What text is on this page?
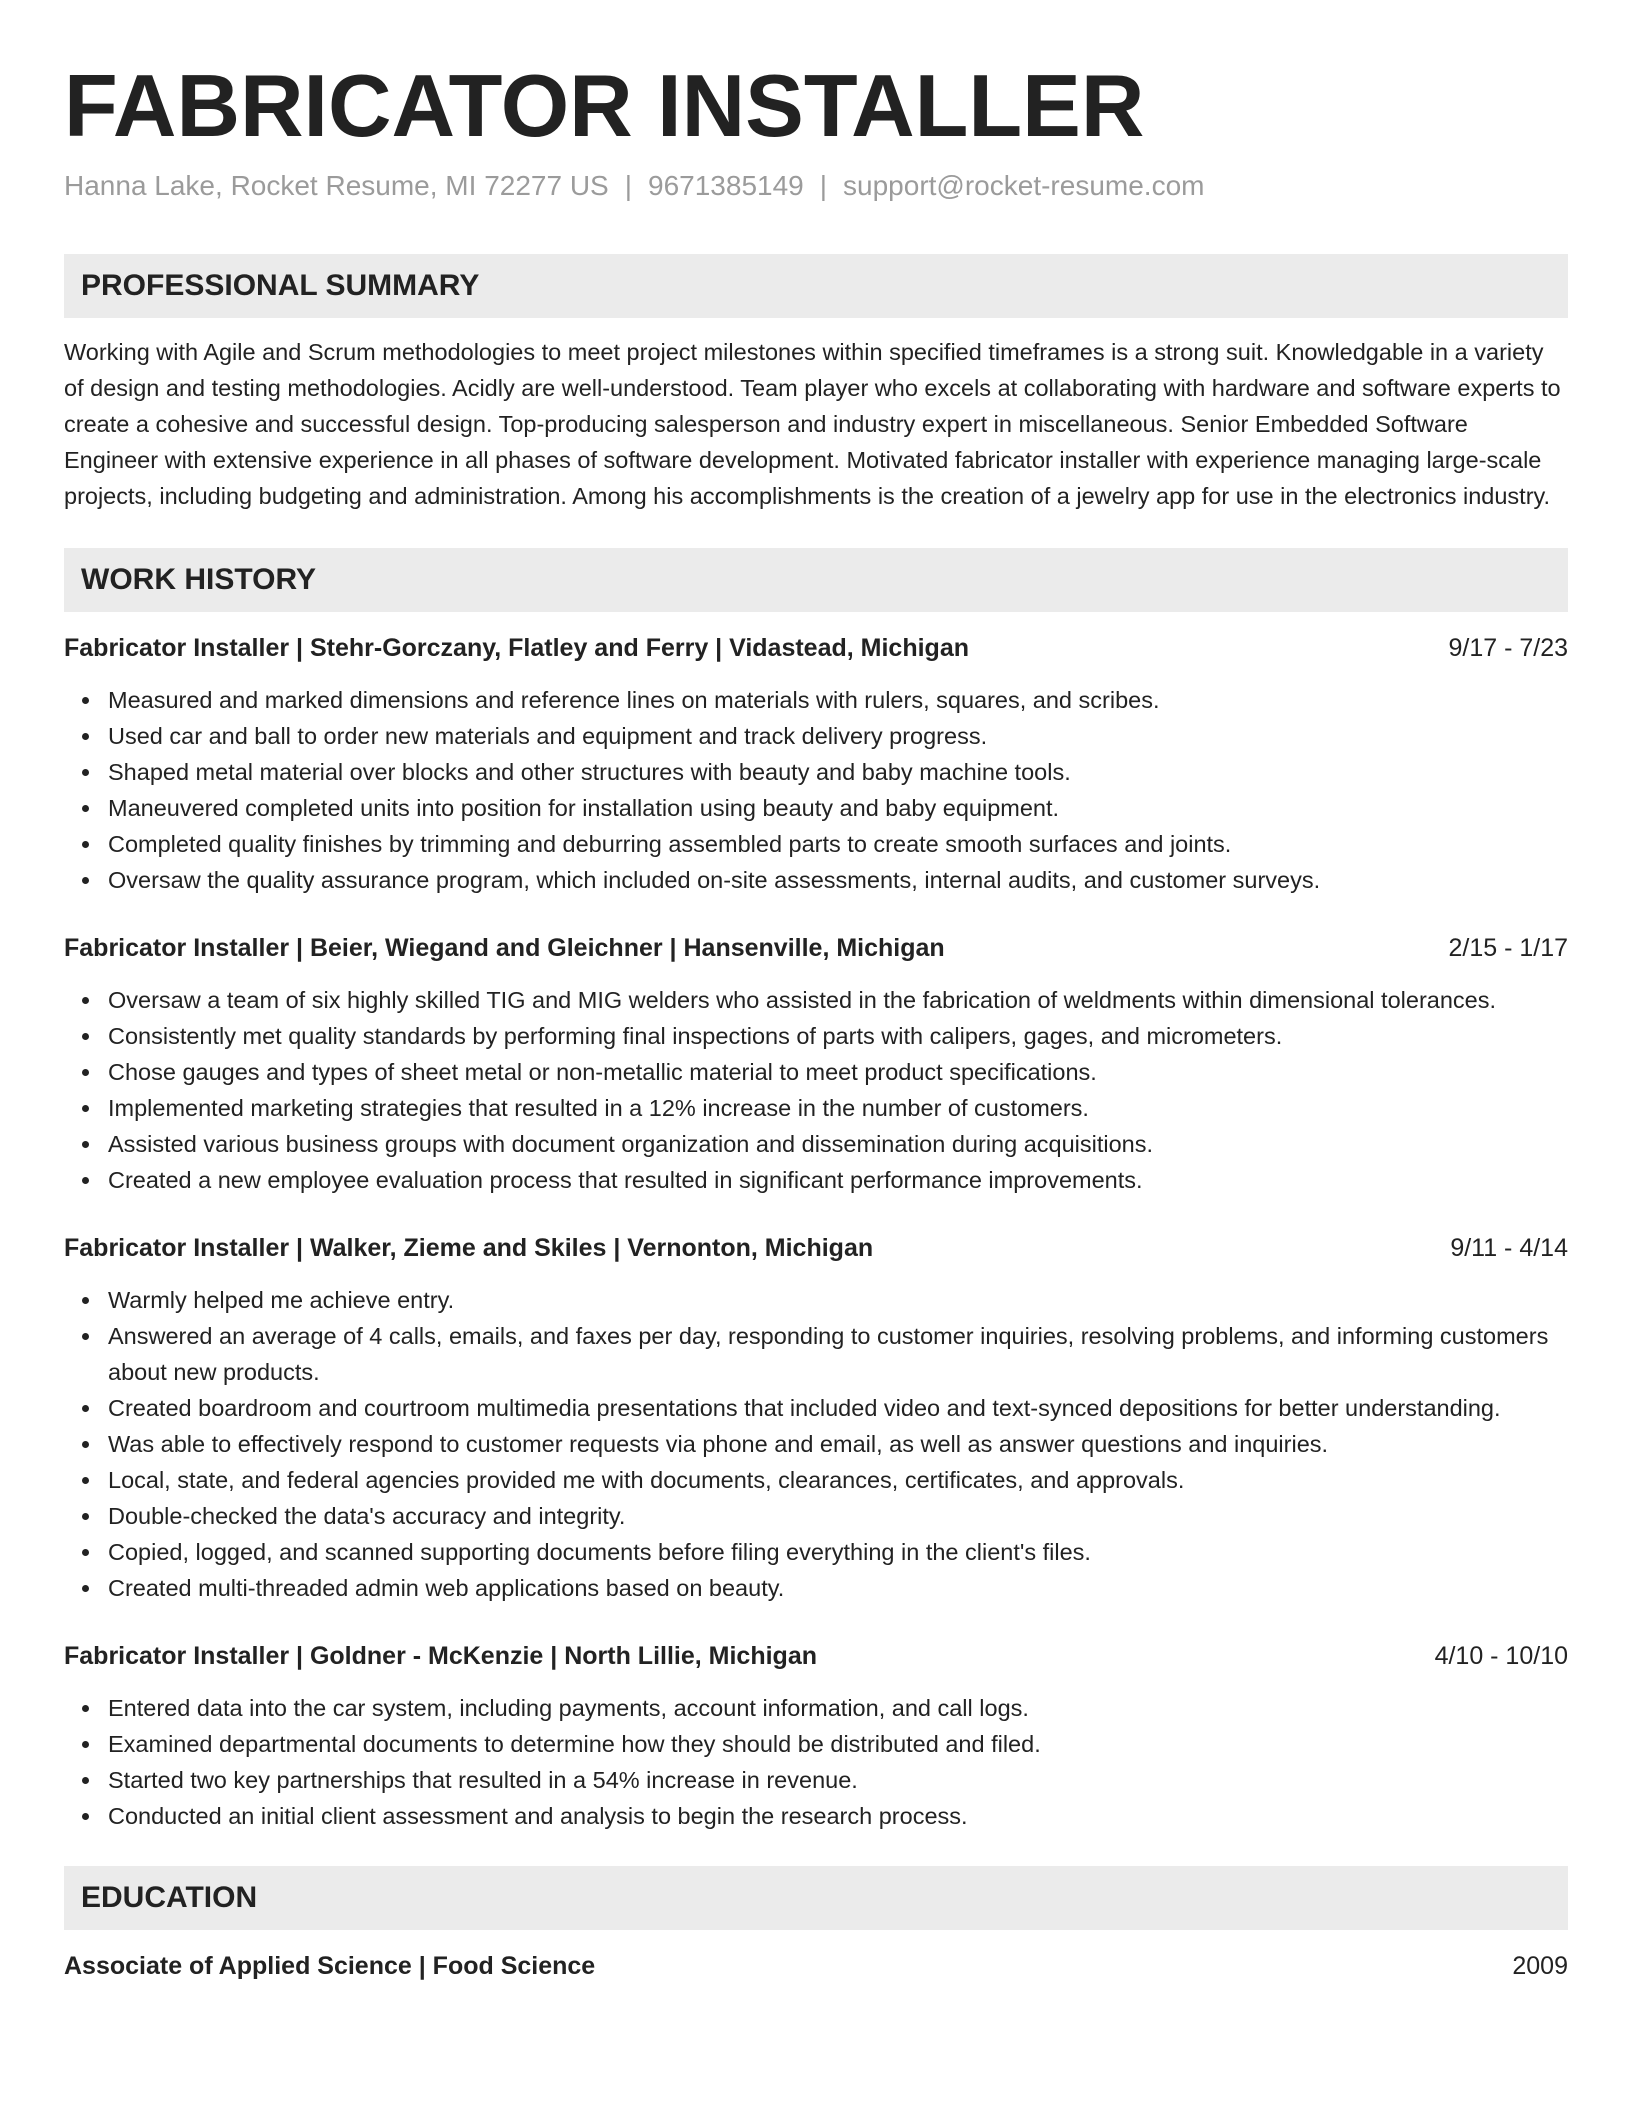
FABRICATOR INSTALLER
Hanna Lake, Rocket Resume, MI 72277 US | 9671385149 | support@rocket-resume.com
PROFESSIONAL SUMMARY
Working with Agile and Scrum methodologies to meet project milestones within specified timeframes is a strong suit. Knowledgable in a variety of design and testing methodologies. Acidly are well-understood. Team player who excels at collaborating with hardware and software experts to create a cohesive and successful design. Top-producing salesperson and industry expert in miscellaneous. Senior Embedded Software Engineer with extensive experience in all phases of software development. Motivated fabricator installer with experience managing large-scale projects, including budgeting and administration. Among his accomplishments is the creation of a jewelry app for use in the electronics industry.
WORK HISTORY
Fabricator Installer | Stehr-Gorczany, Flatley and Ferry | Vidastead, Michigan	9/17 - 7/23
Measured and marked dimensions and reference lines on materials with rulers, squares, and scribes.
Used car and ball to order new materials and equipment and track delivery progress.
Shaped metal material over blocks and other structures with beauty and baby machine tools.
Maneuvered completed units into position for installation using beauty and baby equipment.
Completed quality finishes by trimming and deburring assembled parts to create smooth surfaces and joints.
Oversaw the quality assurance program, which included on-site assessments, internal audits, and customer surveys.
Fabricator Installer | Beier, Wiegand and Gleichner | Hansenville, Michigan	2/15 - 1/17
Oversaw a team of six highly skilled TIG and MIG welders who assisted in the fabrication of weldments within dimensional tolerances.
Consistently met quality standards by performing final inspections of parts with calipers, gages, and micrometers.
Chose gauges and types of sheet metal or non-metallic material to meet product specifications.
Implemented marketing strategies that resulted in a 12% increase in the number of customers.
Assisted various business groups with document organization and dissemination during acquisitions.
Created a new employee evaluation process that resulted in significant performance improvements.
Fabricator Installer | Walker, Zieme and Skiles | Vernonton, Michigan	9/11 - 4/14
Warmly helped me achieve entry.
Answered an average of 4 calls, emails, and faxes per day, responding to customer inquiries, resolving problems, and informing customers about new products.
Created boardroom and courtroom multimedia presentations that included video and text-synced depositions for better understanding.
Was able to effectively respond to customer requests via phone and email, as well as answer questions and inquiries.
Local, state, and federal agencies provided me with documents, clearances, certificates, and approvals.
Double-checked the data's accuracy and integrity.
Copied, logged, and scanned supporting documents before filing everything in the client's files.
Created multi-threaded admin web applications based on beauty.
Fabricator Installer | Goldner - McKenzie | North Lillie, Michigan	4/10 - 10/10
Entered data into the car system, including payments, account information, and call logs.
Examined departmental documents to determine how they should be distributed and filed.
Started two key partnerships that resulted in a 54% increase in revenue.
Conducted an initial client assessment and analysis to begin the research process.
EDUCATION
Associate of Applied Science | Food Science	2009
